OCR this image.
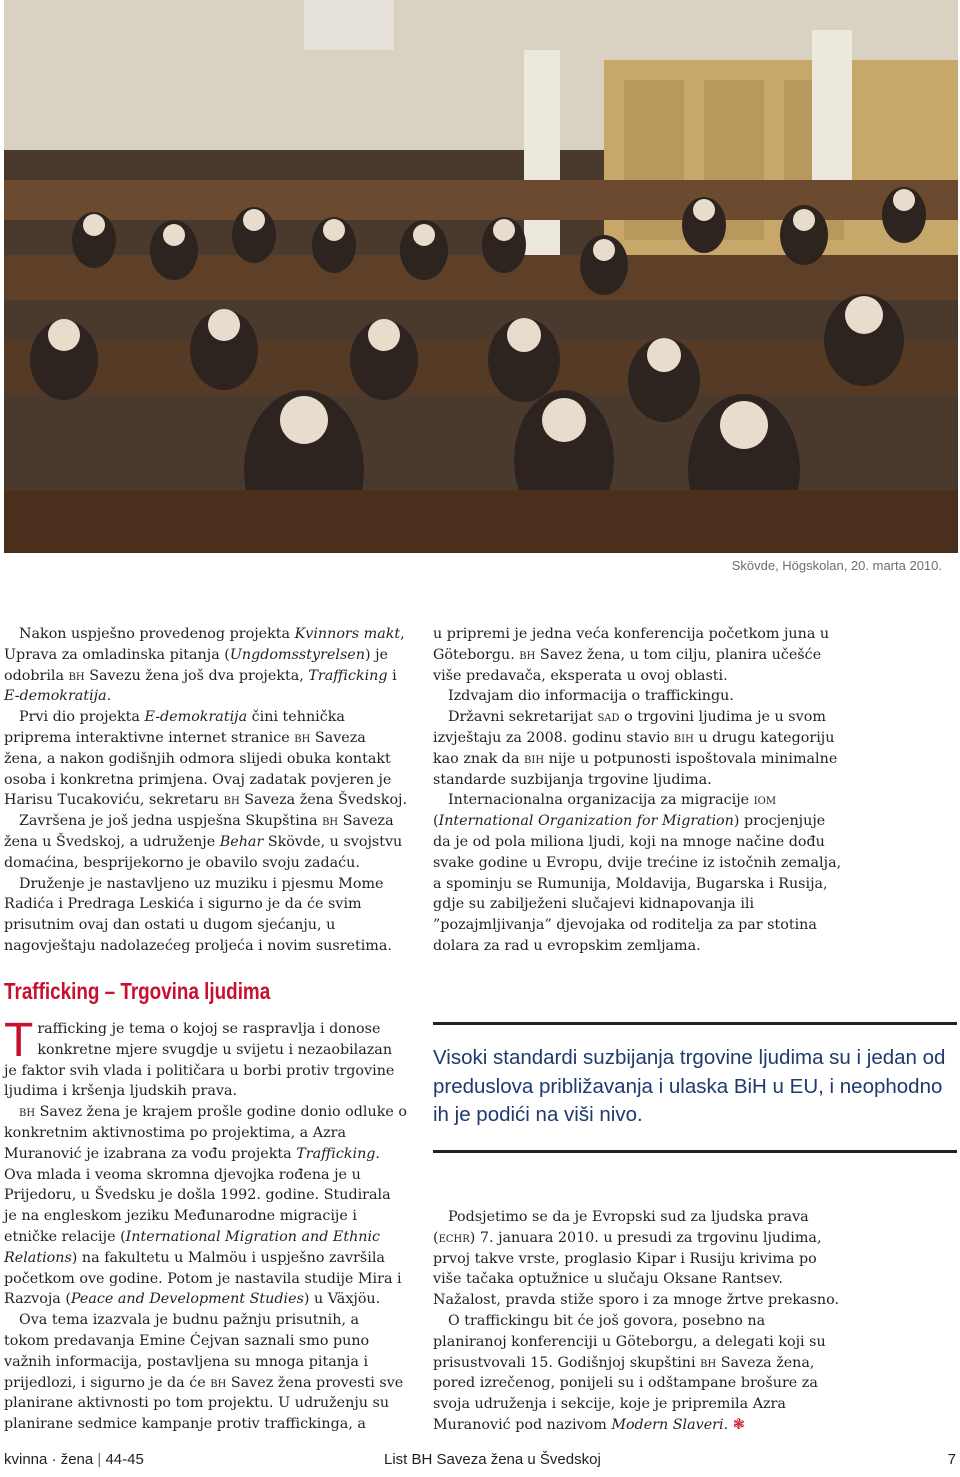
Skövde, Högskolan, 20. marta 2010.

Nakon uspješno provedenog projekta Kvinnors makt, Uprava za omladinska pitanja (Ungdomsstyrelsen) je odobrila bh Savezu žena još dva projekta, Trafficking i E-demokratija.

Prvi dio projekta E-demokratija čini tehnička priprema interaktivne internet stranice bh Saveza žena, a nakon godišnjih odmora slijedi obuka kontakt osoba i konkretna primjena. Ovaj zadatak povjeren je Harisu Tucakoviću, sekretaru bh Saveza žena Švedskoj.

Završena je još jedna uspješna Skupština bh Saveza žena u Švedskoj, a udruženje Behar Skövde, u svojstvu domaćina, besprijekorno je obavilo svoju zadaću.

Druženje je nastavljeno uz muziku i pjesmu Mome Radića i Predraga Leskića i sigurno je da će svim prisutnim ovaj dan ostati u dugom sjećanju, u nagovještaju nadolazećeg proljeća i novim susretima.

u pripremi je jedna veća konferencija početkom juna u Göteborgu. bh Savez žena, u tom cilju, planira učešće više predavača, eksperata u ovoj oblasti.

Izdvajam dio informacija o traffickingu.

Državni sekretarijat sad o trgovini ljudima je u svom izvještaju za 2008. godinu stavio bih u drugu kategoriju kao znak da bih nije u potpunosti ispoštovala minimalne standarde suzbijanja trgovine ljudima.

Internacionalna organizacija za migracije iom (International Organization for Migration) procjenjuje da je od pola miliona ljudi, koji na mnoge načine dođu svake godine u Evropu, dvije trećine iz istočnih zemalja, a spominju se Rumunija, Moldavija, Bugarska i Rusija, gdje su zabilježeni slučajevi kidnapovanja ili ”pozajmljivanja” djevojaka od roditelja za par stotina dolara za rad u evropskim zemljama.

Trafficking – Trgovina ljudima

Trafficking je tema o kojoj se raspravlja i donose konkretne mjere svugdje u svijetu i nezaobilazan je faktor svih vlada i političara u borbi protiv trgovine ljudima i kršenja ljudskih prava.

bh Savez žena je krajem prošle godine donio odluke o konkretnim aktivnostima po projektima, a Azra Muranović je izabrana za vođu projekta Trafficking. Ova mlada i veoma skromna djevojka rođena je u Prijedoru, u Švedsku je došla 1992. godine. Studirala je na engleskom jeziku Međunarodne migracije i etničke relacije (International Migration and Ethnic Relations) na fakultetu u Malmöu i uspješno završila početkom ove godine. Potom je nastavila studije Mira i Razvoja (Peace and Development Studies) u Växjöu.

Ova tema izazvala je budnu pažnju prisutnih, a tokom predavanja Emine Ćejvan saznali smo puno važnih informacija, postavljena su mnoga pitanja i prijedlozi, i sigurno je da će bh Savez žena provesti sve planirane aktivnosti po tom projektu. U udruženju su planirane sedmice kampanje protiv traffickinga, a

Visoki standardi suzbijanja trgovine ljudima su i jedan od preduslova približavanja i ulaska BiH u EU, i neophodno ih je podići na viši nivo.

Podsjetimo se da je Evropski sud za ljudska prava (echr) 7. januara 2010. u presudi za trgovinu ljudima, prvoj takve vrste, proglasio Kipar i Rusiju krivima po više tačaka optužnice u slučaju Oksane Rantsev. Nažalost, pravda stiže sporo i za mnoge žrtve prekasno.

O traffickingu bit će još govora, posebno na planiranoj konferenciji u Göteborgu, a delegati koji su prisustvovali 15. Godišnjoj skupštini bh Saveza žena, pored izrečenog, ponijeli su i odštampane brošure za svoja udruženja i sekcije, koje je pripremila Azra Muranović pod nazivom Modern Slaveri. ❃

kvinna · žena | 44-45	List BH Saveza žena u Švedskoj	7
